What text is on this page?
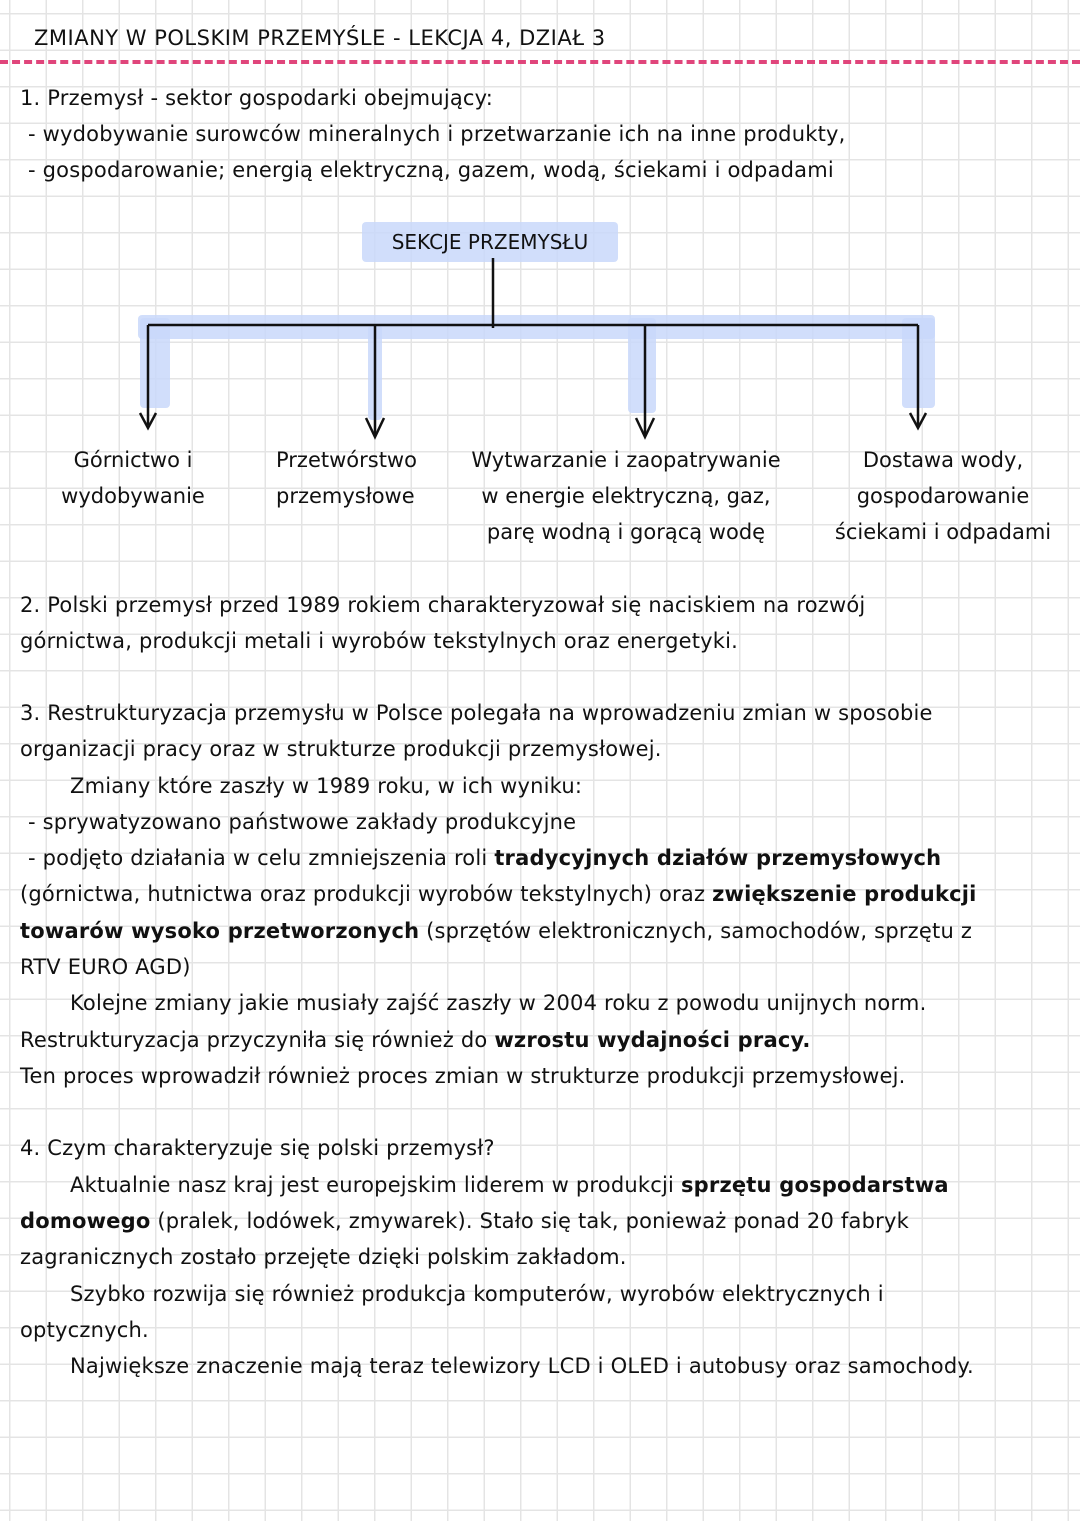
ZMIANY W POLSKIM PRZEMYŚLE - LEKCJA 4, DZIAŁ 3
SEKCJE PRZEMYSŁU
Górnictwo i
wydobywanie
Przetwórstwo
przemysłowe
Wytwarzanie i zaopatrywanie
w energie elektryczną, gaz,
parę wodną i gorącą wodę
Dostawa wody,
gospodarowanie
ściekami i odpadami
1. Przemysł - sektor gospodarki obejmujący:
- wydobywanie surowców mineralnych i przetwarzanie ich na inne produkty,
- gospodarowanie; energią elektryczną, gazem, wodą, ściekami i odpadami
2. Polski przemysł przed 1989 rokiem charakteryzował się naciskiem na rozwój
górnictwa, produkcji metali i wyrobów tekstylnych oraz energetyki.
3. Restrukturyzacja przemysłu w Polsce polegała na wprowadzeniu zmian w sposobie
organizacji pracy oraz w strukturze produkcji przemysłowej.
Zmiany które zaszły w 1989 roku, w ich wyniku:
- sprywatyzowano państwowe zakłady produkcyjne
- podjęto działania w celu zmniejszenia roli tradycyjnych działów przemysłowych
(górnictwa, hutnictwa oraz produkcji wyrobów tekstylnych) oraz zwiększenie produkcji
towarów wysoko przetworzonych (sprzętów elektronicznych, samochodów, sprzętu z
RTV EURO AGD)
Kolejne zmiany jakie musiały zajść zaszły w 2004 roku z powodu unijnych norm.
Restrukturyzacja przyczyniła się również do wzrostu wydajności pracy.
Ten proces wprowadził również proces zmian w strukturze produkcji przemysłowej.
4. Czym charakteryzuje się polski przemysł?
Aktualnie nasz kraj jest europejskim liderem w produkcji sprzętu gospodarstwa
domowego (pralek, lodówek, zmywarek). Stało się tak, ponieważ ponad 20 fabryk
zagranicznych zostało przejęte dzięki polskim zakładom.
Szybko rozwija się również produkcja komputerów, wyrobów elektrycznych i
optycznych.
Największe znaczenie mają teraz telewizory LCD i OLED i autobusy oraz samochody.
